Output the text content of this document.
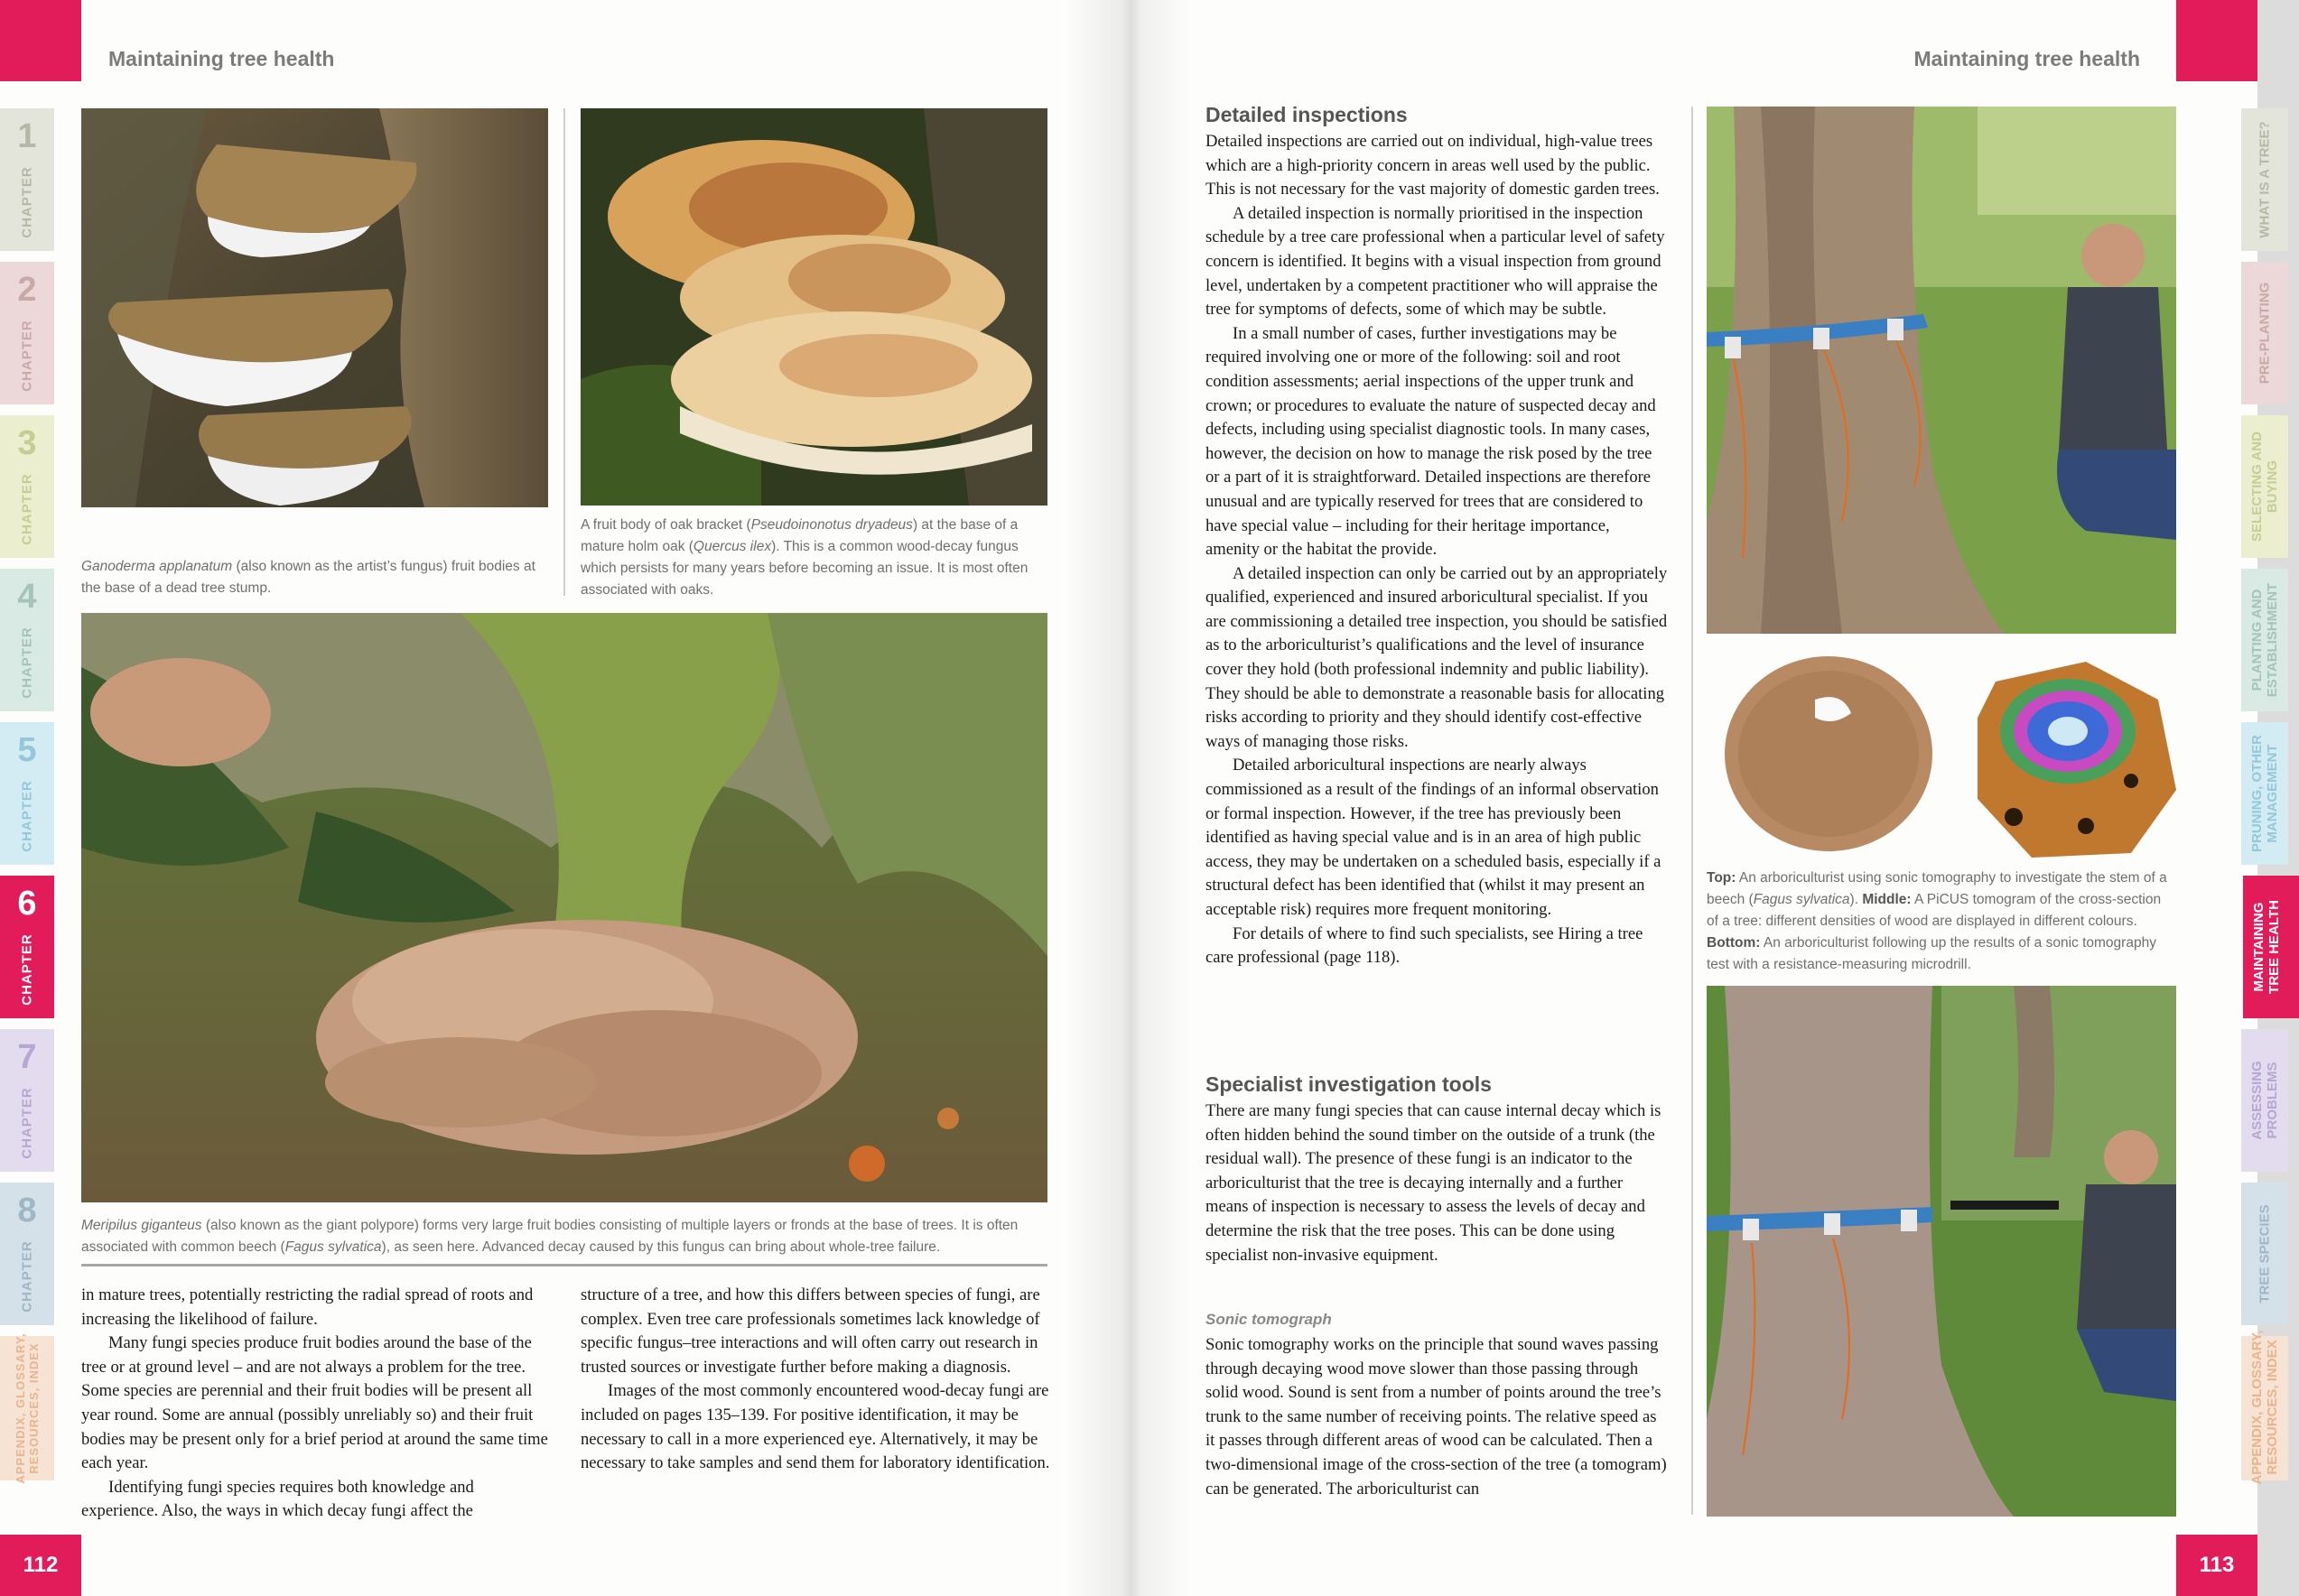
Maintaining tree health
1
CHAPTER
2
CHAPTER
3
CHAPTER
4
CHAPTER
5
CHAPTER
6
CHAPTER
7
CHAPTER
8
CHAPTER
APPENDIX, GLOSSARY,
RESOURCES, INDEX
Ganoderma applanatum (also known as the artist’s fungus) fruit bodies at the base of a dead tree stump.
A fruit body of oak bracket (Pseudoinonotus dryadeus) at the base of a mature holm oak (Quercus ilex). This is a common wood-decay fungus which persists for many years before becoming an issue. It is most often associated with oaks.
Meripilus giganteus (also known as the giant polypore) forms very large fruit bodies consisting of multiple layers or fronds at the base of trees. It is often associated with common beech (Fagus sylvatica), as seen here. Advanced decay caused by this fungus can bring about whole-tree failure.

in mature trees, potentially restricting the radial spread of roots and increasing the likelihood of failure.

Many fungi species produce fruit bodies around the base of the tree or at ground level – and are not always a problem for the tree. Some species are perennial and their fruit bodies will be present all year round. Some are annual (possibly unreliably so) and their fruit bodies may be present only for a brief period at around the same time each year.

Identifying fungi species requires both knowledge and experience. Also, the ways in which decay fungi affect the

structure of a tree, and how this differs between species of fungi, are complex. Even tree care professionals sometimes lack knowledge of specific fungus–tree interactions and will often carry out research in trusted sources or investigate further before making a diagnosis.

Images of the most commonly encountered wood-decay fungi are included on pages 135–139. For positive identification, it may be necessary to call in a more experienced eye. Alternatively, it may be necessary to take samples and send them for laboratory identification.

112
Maintaining tree health
Detailed inspections

Detailed inspections are carried out on individual, high-value trees which are a high-priority concern in areas well used by the public. This is not necessary for the vast majority of domestic garden trees.

A detailed inspection is normally prioritised in the inspection schedule by a tree care professional when a particular level of safety concern is identified. It begins with a visual inspection from ground level, undertaken by a competent practitioner who will appraise the tree for symptoms of defects, some of which may be subtle.

In a small number of cases, further investigations may be required involving one or more of the following: soil and root condition assessments; aerial inspections of the upper trunk and crown; or procedures to evaluate the nature of suspected decay and defects, including using specialist diagnostic tools. In many cases, however, the decision on how to manage the risk posed by the tree or a part of it is straightforward. Detailed inspections are therefore unusual and are typically reserved for trees that are considered to have special value – including for their heritage importance, amenity or the habitat the provide.

A detailed inspection can only be carried out by an appropriately qualified, experienced and insured arboricultural specialist. If you are commissioning a detailed tree inspection, you should be satisfied as to the arboriculturist’s qualifications and the level of insurance cover they hold (both professional indemnity and public liability). They should be able to demonstrate a reasonable basis for allocating risks according to priority and they should identify cost-effective ways of managing those risks.

Detailed arboricultural inspections are nearly always commissioned as a result of the findings of an informal observation or formal inspection. However, if the tree has previously been identified as having special value and is in an area of high public access, they may be undertaken on a scheduled basis, especially if a structural defect has been identified that (whilst it may present an acceptable risk) requires more frequent monitoring.

For details of where to find such specialists, see Hiring a tree care professional (page 118).

Specialist investigation tools

There are many fungi species that can cause internal decay which is often hidden behind the sound timber on the outside of a trunk (the residual wall). The presence of these fungi is an indicator to the arboriculturist that the tree is decaying internally and a further means of inspection is necessary to assess the levels of decay and determine the risk that the tree poses. This can be done using specialist non-invasive equipment.

Sonic tomograph

Sonic tomography works on the principle that sound waves passing through decaying wood move slower than those passing through solid wood. Sound is sent from a number of points around the tree’s trunk to the same number of receiving points. The relative speed as it passes through different areas of wood can be calculated. Then a two-dimensional image of the cross-section of the tree (a tomogram) can be generated. The arboriculturist can

Top: An arboriculturist using sonic tomography to investigate the stem of a beech (Fagus sylvatica). Middle: A PiCUS tomogram of the cross-section of a tree: different densities of wood are displayed in different colours. Bottom: An arboriculturist following up the results of a sonic tomography test with a resistance-measuring microdrill.
113
WHAT IS A TREE?
PRE-PLANTING
SELECTING AND
BUYING
PLANTING AND
ESTABLISHMENT
PRUNING, OTHER
MANAGEMENT
MAINTAINING
TREE HEALTH
ASSESSING
PROBLEMS
TREE SPECIES
APPENDIX, GLOSSARY,
RESOURCES, INDEX
